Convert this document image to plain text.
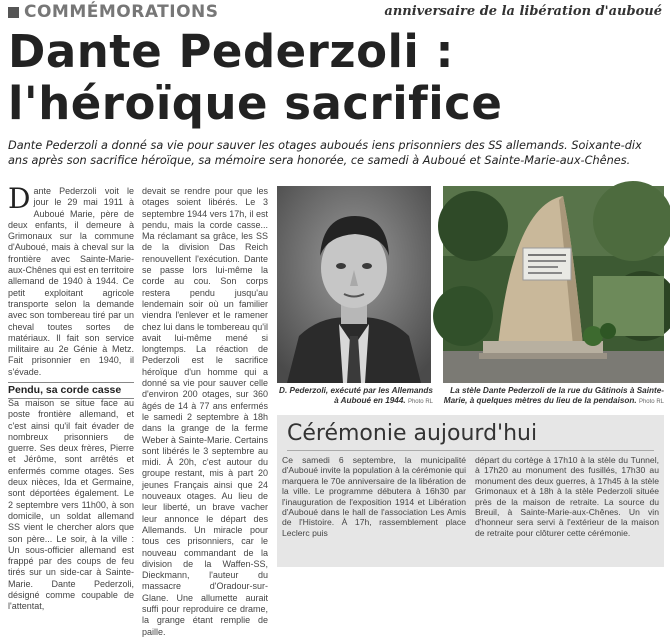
COMMÉMORATIONS	anniversaire de la libération d'auboué
Dante Pederzoli :
l'héroïque sacrifice
Dante Pederzoli a donné sa vie pour sauver les otages auboués iens prisonniers des SS allemands. Soixante-dix ans après son sacrifice héroïque, sa mémoire sera honorée, ce samedi à Auboué et Sainte-Marie-aux-Chênes.
Dante Pederzoli voit le jour le 29 mai 1911 à Auboué Marie, père de deux enfants, il demeure à Grimonaux sur la commune d'Auboué, mais à cheval sur la frontière avec Sainte-Marie-aux-Chênes qui est en territoire allemand de 1940 à 1944. Ce petit exploitant agricole transporte selon la demande avec son tombereau tiré par un cheval toutes sortes de matériaux. Il fait son service militaire au 2e Génie à Metz. Fait prisonnier en 1940, il s'évade.
Pendu, sa corde casse
Sa maison se situe face au poste frontière allemand, et c'est ainsi qu'il fait évader de nombreux prisonniers de guerre. Ses deux frères, Pierre et Jérôme, sont arrêtés et enfermés comme otages. Ses deux nièces, Ida et Germaine, sont déportées également. Le 2 septembre vers 11h00, à son domicile, un soldat allemand SS vient le chercher alors que son père... Le soir, à la ville : Un sous-officier allemand est frappé par des coups de feu tirés sur un side-car à Sainte-Marie. Dante Pederzoli, désigné comme coupable de l'attentat,
devait se rendre pour que les otages soient libérés. Le 3 septembre 1944 vers 17h, il est pendu, mais la corde casse... Ma réclamant sa grâce, les SS de la division Das Reich renouvellent l'exécution. Dante se passe lors lui-même la corde au cou. Son corps restera pendu jusqu'au lendemain soir où un familier viendra l'enlever et le ramener chez lui dans le tombereau qu'il avait lui-même mené si longtemps. La réaction de Pederzoli est le sacrifice héroïque d'un homme qui a donné sa vie pour sauver celle d'environ 200 otages, sur 360 âgés de 14 à 77 ans enfermés le samedi 2 septembre à 18h dans la grange de la ferme Weber à Sainte-Marie. Certains sont libérés le 3 septembre au midi. À 20h, c'est autour du groupe restant, mis à part 20 jeunes Français ainsi que 24 nouveaux otages. Au lieu de leur liberté, un brave vacher leur annonce le départ des Allemands. Un miracle pour tous ces prisonniers, car le nouveau commandant de la division de la Waffen-SS, Dieckmann, l'auteur du massacre d'Oradour-sur-Glane. Une allumette aurait suffi pour reproduire ce drame, la grange étant remplie de paille.
D. Pederzoli, exécuté par les Allemands à Auboué en 1944. Photo RL
La stèle Dante Pederzoli de la rue du Gâtinois à Sainte-Marie, à quelques mètres du lieu de la pendaison. Photo RL
Cérémonie aujourd'hui
Ce samedi 6 septembre, la municipalité d'Auboué invite la population à la cérémonie qui marquera le 70e anniversaire de la libération de la ville. Le programme débutera à 16h30 par l'inauguration de l'exposition 1914 et Libération d'Auboué dans le hall de l'association Les Amis de l'Histoire. À 17h, rassemblement place Leclerc puis
départ du cortège à 17h10 à la stèle du Tunnel, à 17h20 au monument des fusillés, 17h30 au monument des deux guerres, à 17h45 à la stèle Grimonaux et à 18h à la stèle Pederzoli située près de la maison de retraite. La source du Breuil, à Sainte-Marie-aux-Chênes. Un vin d'honneur sera servi à l'extérieur de la maison de retraite pour clôturer cette cérémonie.
